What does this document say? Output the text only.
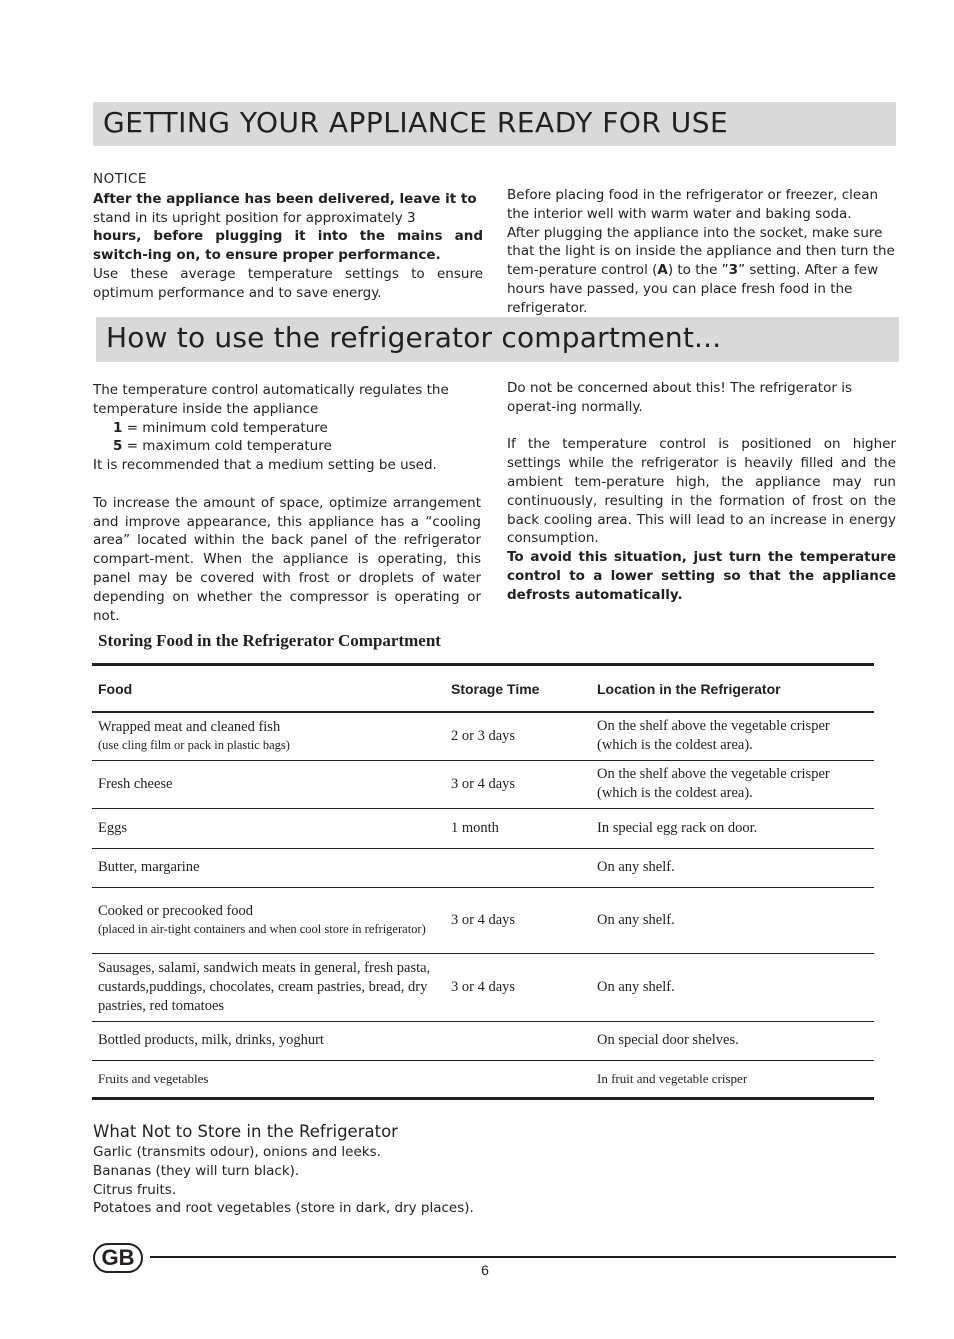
GETTING YOUR APPLIANCE READY FOR USE

NOTICE

After the appliance has been delivered, leave it to

stand in its upright position for approximately 3

hours, before plugging it into the mains and switch-ing on, to ensure proper performance.

Use these average temperature settings to ensure optimum performance and to save energy.

Before placing food in the refrigerator or freezer, clean the interior well with warm water and baking soda.

After plugging the appliance into the socket, make sure that the light is on inside the appliance and then turn the tem-perature control (A) to the ”3” setting. After a few hours have passed, you can place fresh food in the refrigerator.

How to use the refrigerator compartment...

The temperature control automatically regulates the temperature inside the appliance

1 = minimum cold temperature

5 = maximum cold temperature

It is recommended that a medium setting be used.

To increase the amount of space, optimize arrangement and improve appearance, this appliance has a “cooling area” located within the back panel of the refrigerator compart-ment. When the appliance is operating, this panel may be covered with frost or droplets of water depending on whether the compressor is operating or not.

Do not be concerned about this! The refrigerator is operat-ing normally.

If the temperature control is positioned on higher settings while the refrigerator is heavily filled and the ambient tem-perature high, the appliance may run continuously, resulting in the formation of frost on the back cooling area. This will lead to an increase in energy consumption.

To avoid this situation, just turn the temperature control to a lower setting so that the appliance defrosts automatically.

Storing Food in the Refrigerator Compartment
Food	Storage Time	Location in the Refrigerator
Wrapped meat and cleaned fish
(use cling film or pack in plastic bags)	2 or 3 days	On the shelf above the vegetable crisper (which is the coldest area).
Fresh cheese	3 or 4 days	On the shelf above the vegetable crisper (which is the coldest area).
Eggs	1 month	In special egg rack on door.
Butter, margarine		On any shelf.
Cooked or precooked food
(placed in air-tight containers and when cool store in refrigerator)	3 or 4 days	On any shelf.
Sausages, salami, sandwich meats in general, fresh pasta, custards,puddings, chocolates, cream pastries, bread, dry pastries, red tomatoes	3 or 4 days	On any shelf.
Bottled products, milk, drinks, yoghurt		On special door shelves.
Fruits and vegetables		In fruit and vegetable crisper
What Not to Store in the Refrigerator
Garlic (transmits odour), onions and leeks.
Bananas (they will turn black).
Citrus fruits.
Potatoes and root vegetables (store in dark, dry places).
GB	6
